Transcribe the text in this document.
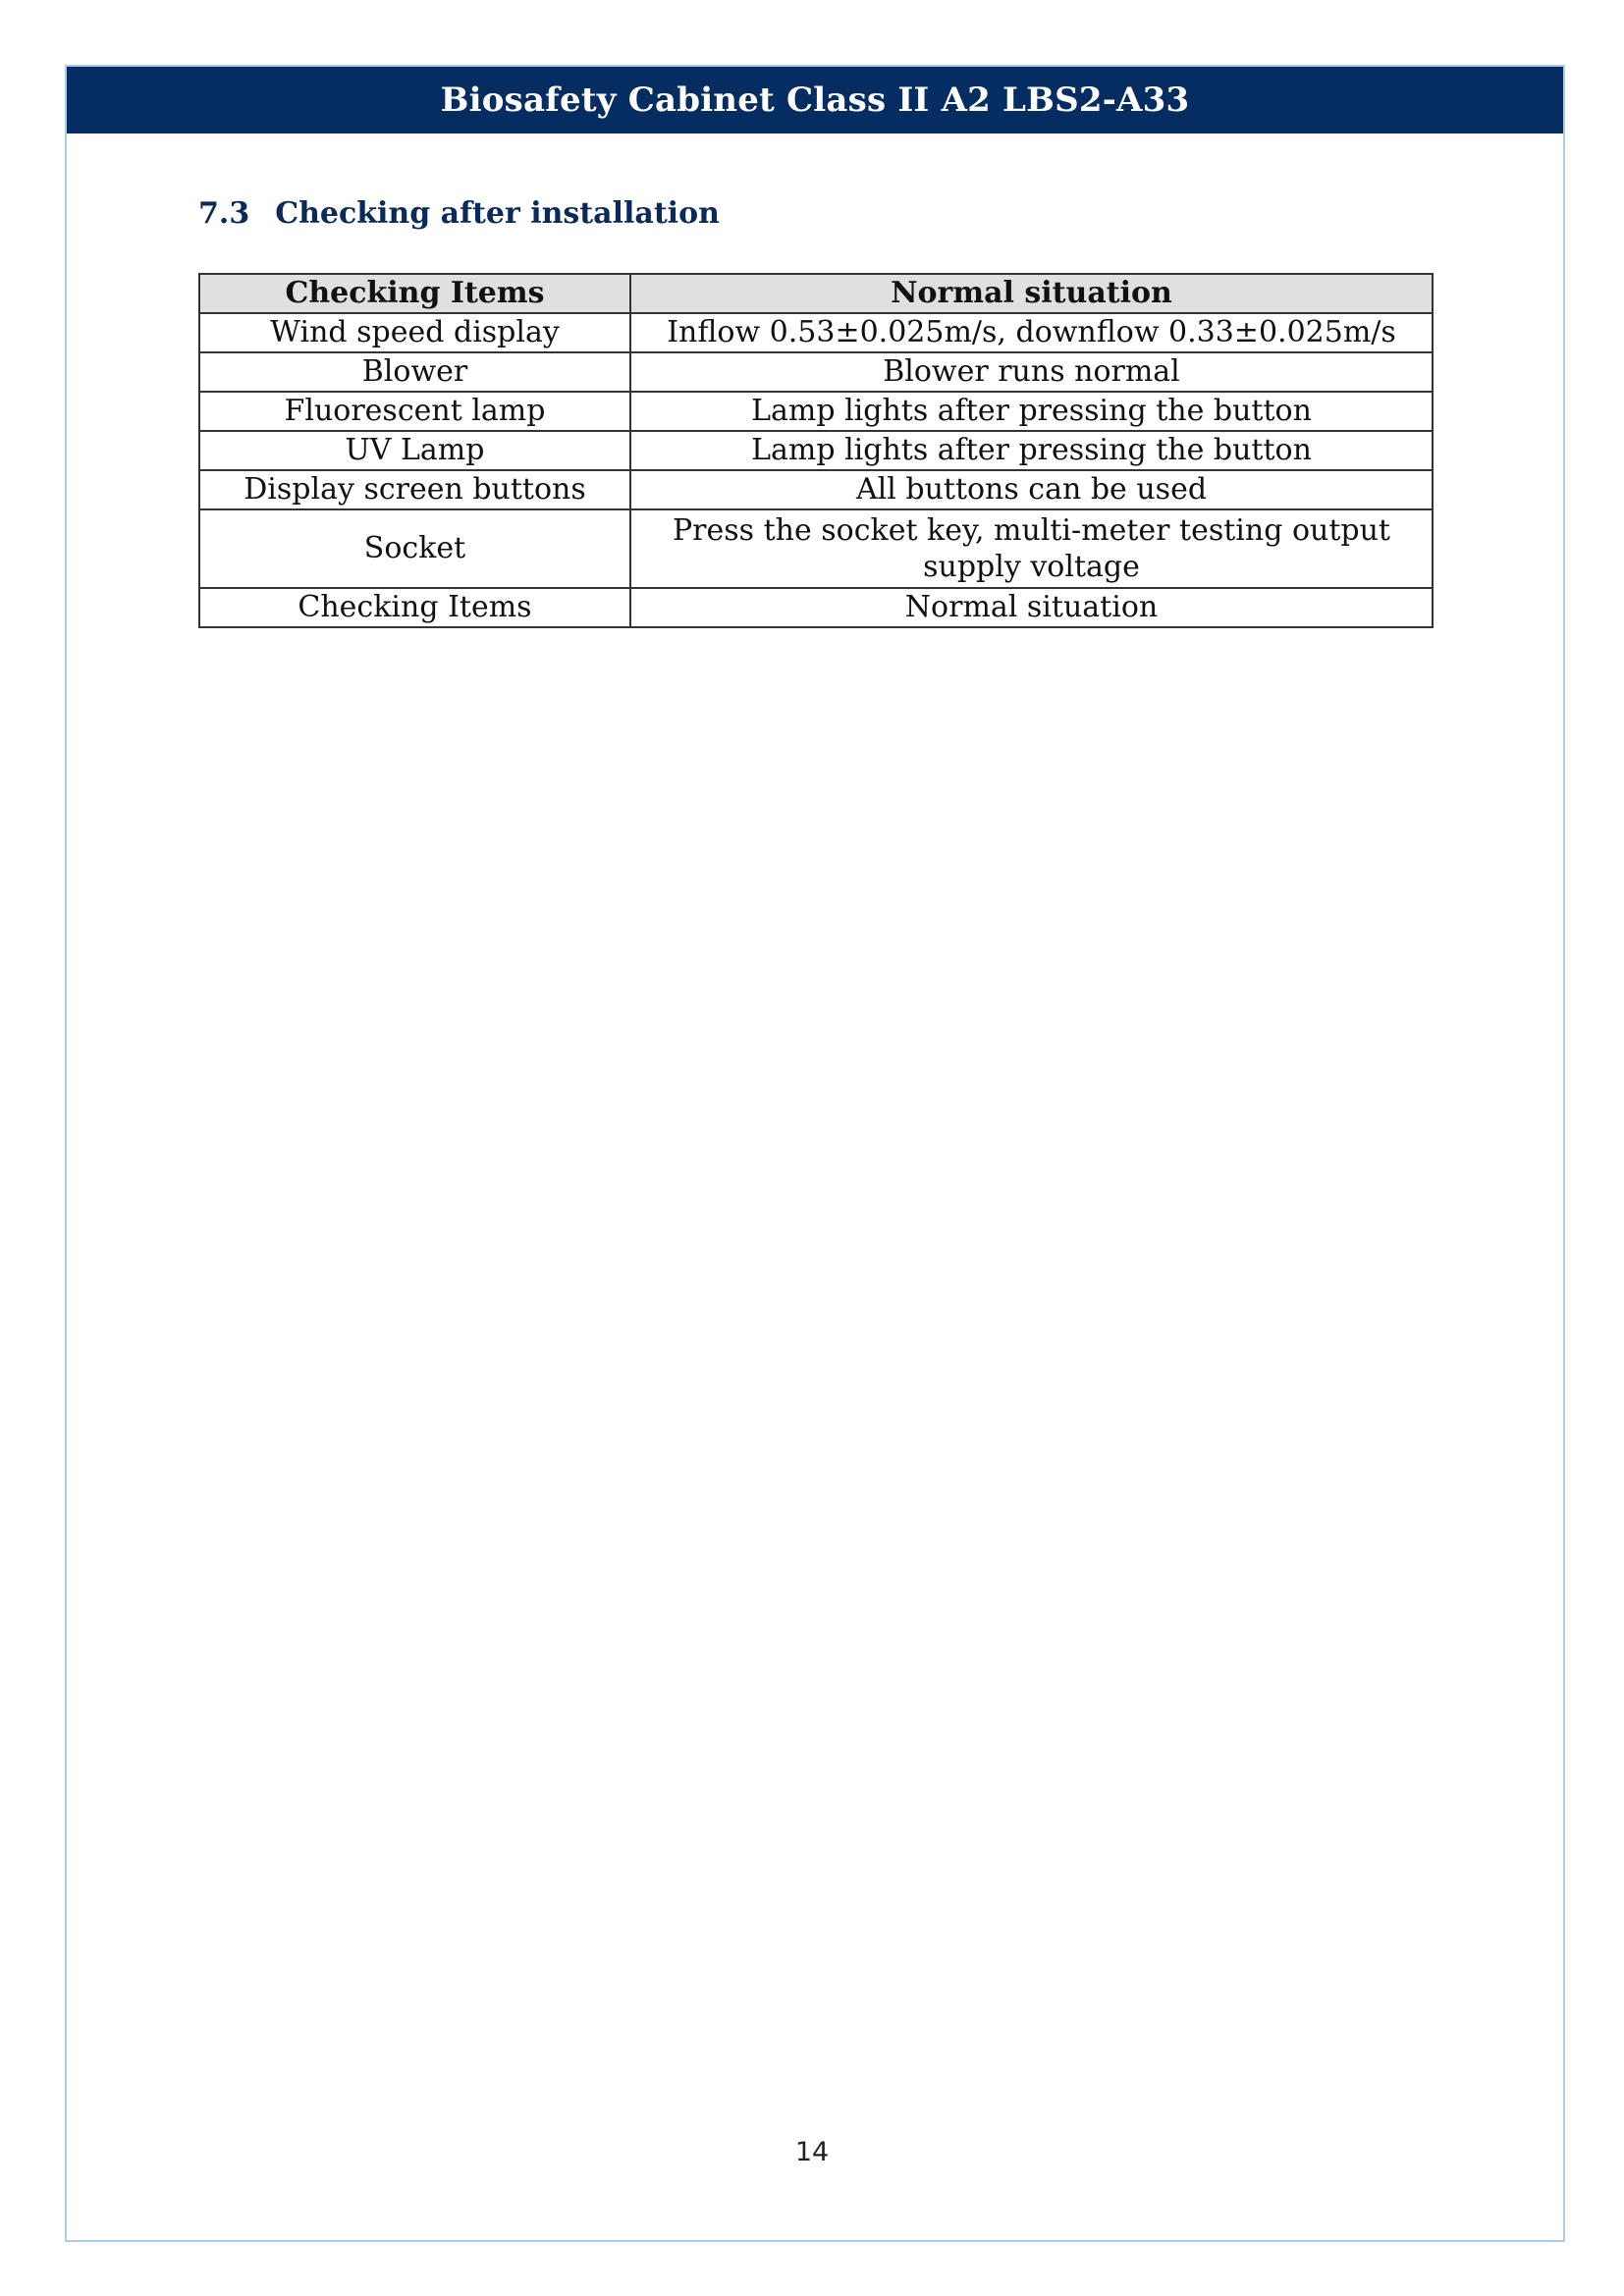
Biosafety Cabinet Class II A2 LBS2-A33
7.3 Checking after installation
Checking Items	Normal situation
Wind speed display	Inflow 0.53±0.025m/s, downflow 0.33±0.025m/s
Blower	Blower runs normal
Fluorescent lamp	Lamp lights after pressing the button
UV Lamp	Lamp lights after pressing the button
Display screen buttons	All buttons can be used
Socket	Press the socket key, multi-meter testing output supply voltage
Checking Items	Normal situation
14
